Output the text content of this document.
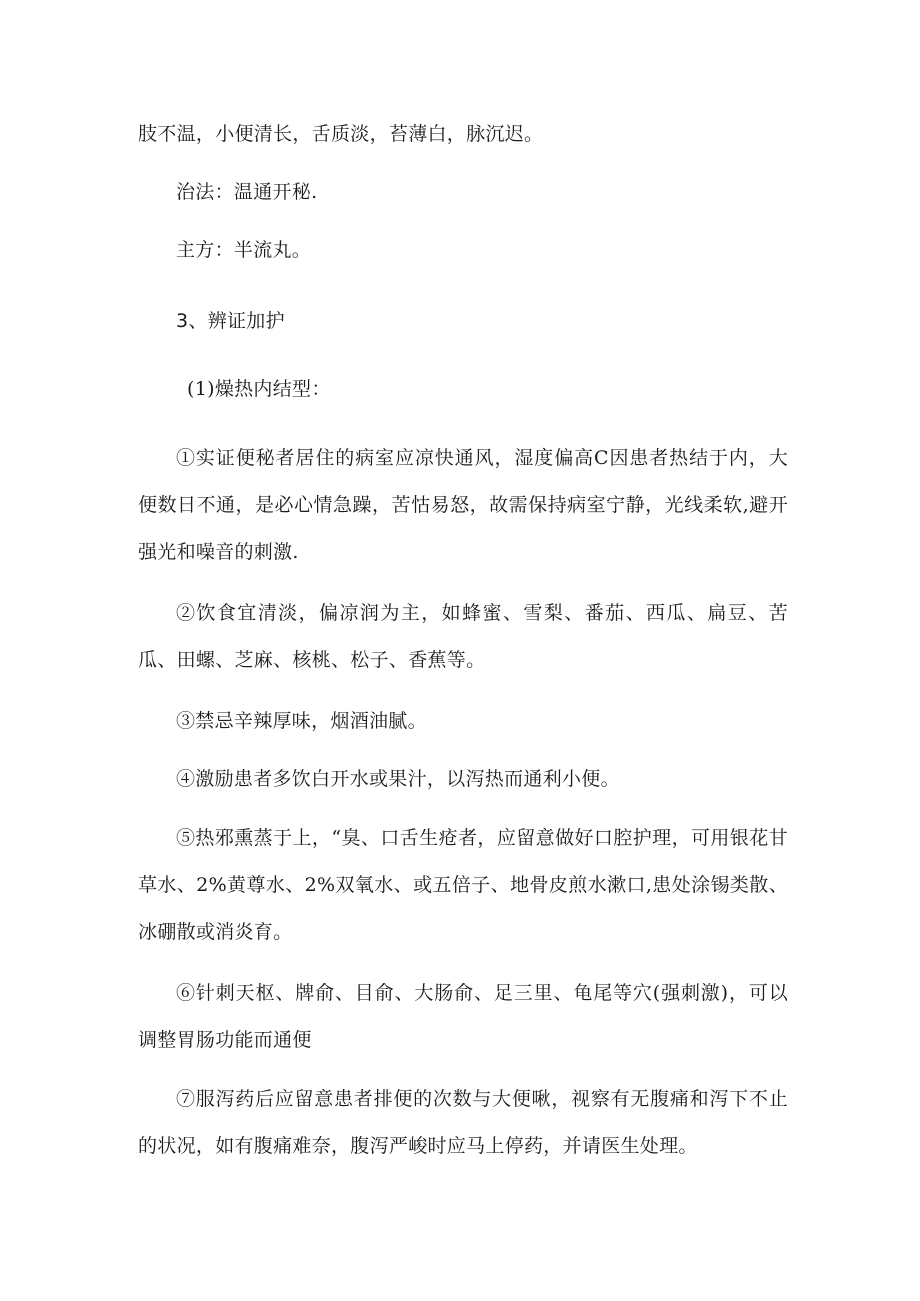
肢不温，小便清长，舌质淡，苔薄白，脉沉迟。
治法：温通开秘.
主方：半流丸。
3、辨证加护
(1)燥热内结型：
①实证便秘者居住的病室应凉快通风，湿度偏高C因患者热结于内，大便数日不通，是必心情急躁，苦怙易怒，故需保持病室宁静，光线柔软,避开强光和噪音的刺激.
②饮食宜清淡，偏凉润为主，如蜂蜜、雪梨、番茄、西瓜、扁豆、苦瓜、田螺、芝麻、核桃、松子、香蕉等。
③禁忌辛辣厚味，烟酒油腻。
④激励患者多饮白开水或果汁，以泻热而通利小便。
⑤热邪熏蒸于上，“臭、口舌生疮者，应留意做好口腔护理，可用银花甘草水、2%黄尊水、2%双氧水、或五倍子、地骨皮煎水漱口,患处涂锡类散、冰硼散或消炎育。
⑥针刺天枢、牌俞、目俞、大肠俞、足三里、龟尾等穴(强刺激)，可以调整胃肠功能而通便
⑦服泻药后应留意患者排便的次数与大便啾，视察有无腹痛和泻下不止的状况，如有腹痛难奈，腹泻严峻时应马上停药，并请医生处理。
